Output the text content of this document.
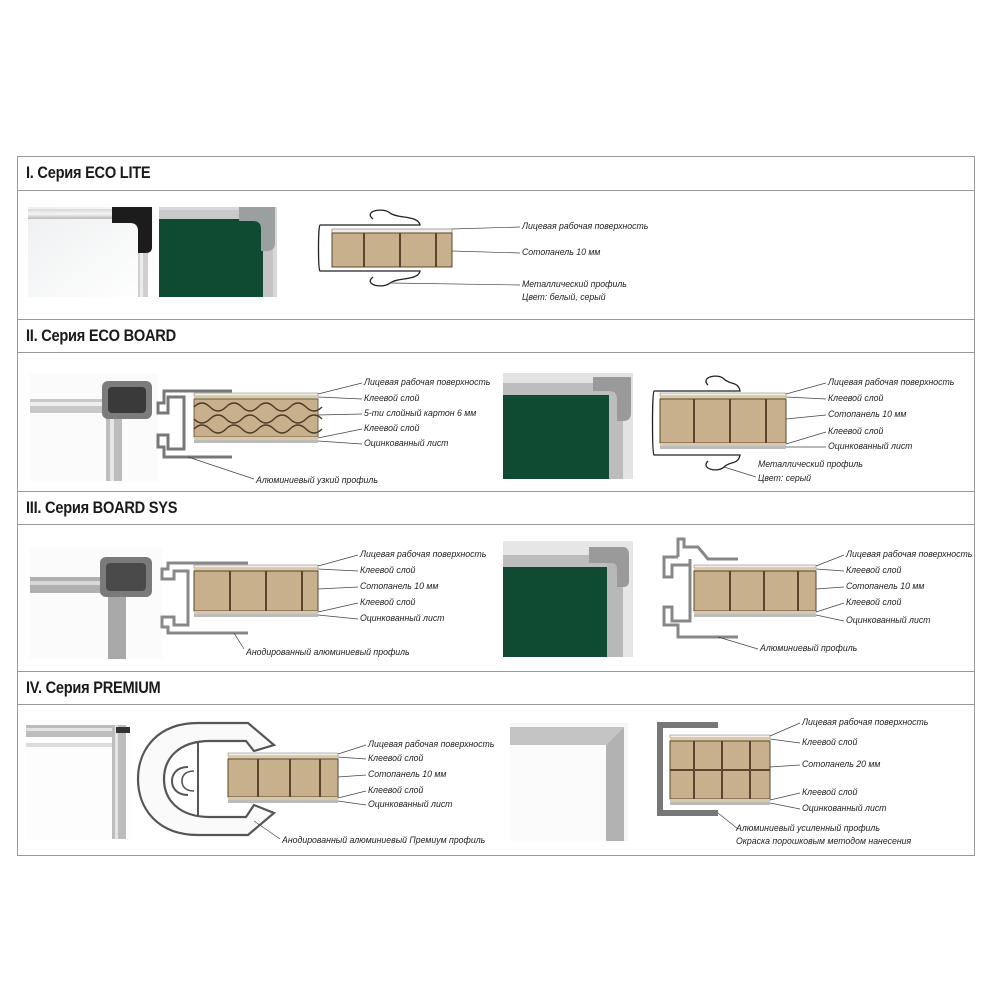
I. Серия ECO LITE
Лицевая рабочая поверхность
Сотопанель 10 мм
Металлический профиль
Цвет: белый, серый
II. Серия ECO BOARD
Лицевая рабочая поверхность
Клеевой слой
5-ти слойный картон 6 мм
Клеевой слой
Оцинкованный лист
Алюминиевый узкий профиль
Лицевая рабочая поверхность
Клеевой слой
Сотопанель 10 мм
Клеевой слой
Оцинкованный лист
Металлический профиль
Цвет: серый
III. Серия BOARD SYS
Лицевая рабочая поверхность
Клеевой слой
Сотопанель 10 мм
Клеевой слой
Оцинкованный лист
Анодированный алюминиевый профиль
Лицевая рабочая поверхность
Клеевой слой
Сотопанель 10 мм
Клеевой слой
Оцинкованный лист
Алюминиевый профиль
IV. Серия PREMIUM
Лицевая рабочая поверхность
Клеевой слой
Сотопанель 10 мм
Клеевой слой
Оцинкованный лист
Анодированный алюминиевый Премиум профиль
Лицевая рабочая поверхность
Клеевой слой
Сотопанель 20 мм
Клеевой слой
Оцинкованный лист
Алюминиевый усиленный профиль
Окраска порошковым методом нанесения
